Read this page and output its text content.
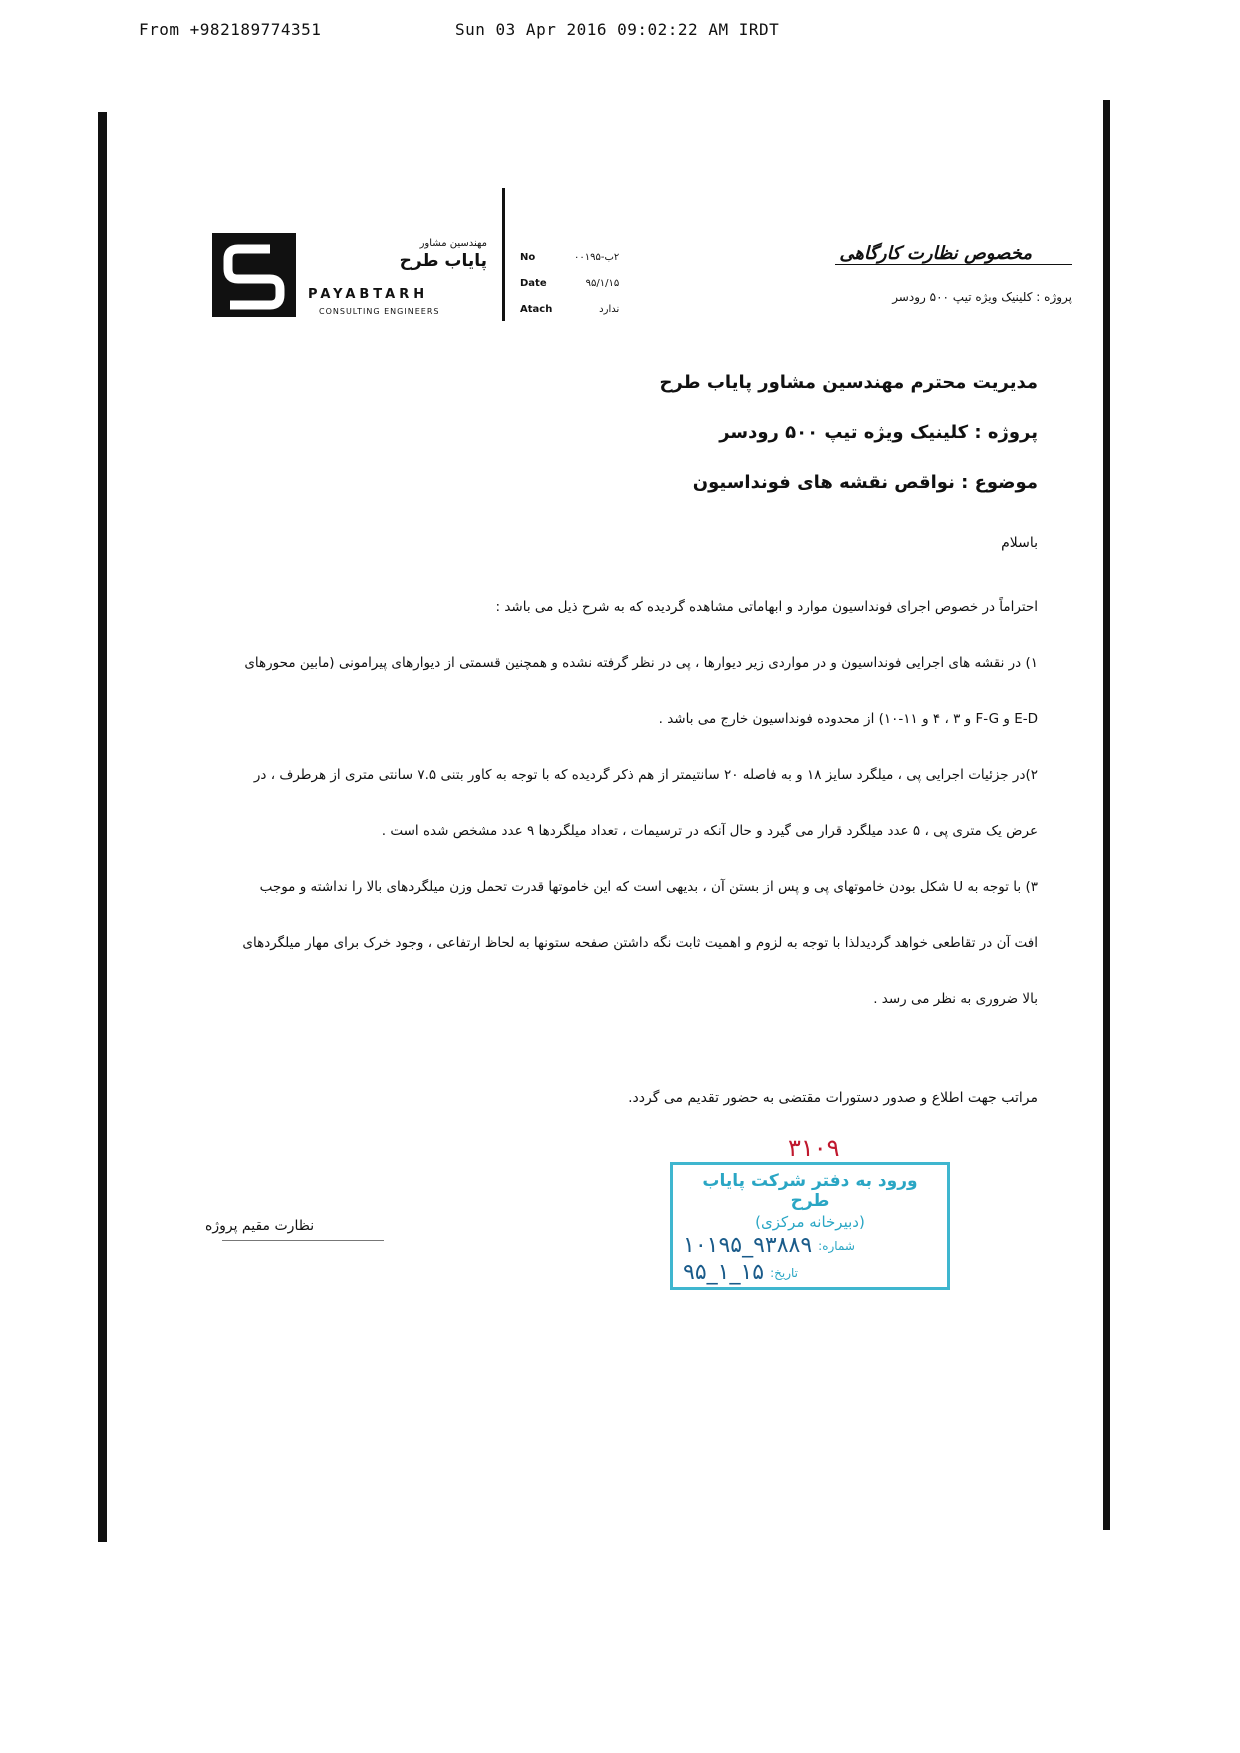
From +982189774351	Sun 03 Apr 2016 09:02:22 AM IRDT
مهندسین مشاور
پایاب طرح
PAYABTARH
CONSULTING ENGINEERS
No
Date
Atach
۲ب-۰۰۱۹۵
۹۵/۱/۱۵
ندارد
مخصوص نظارت کارگاهی
پروژه : کلینیک ویژه تیپ ۵۰۰ رودسر
مدیریت محترم مهندسین مشاور پایاب طرح
پروژه : کلینیک ویژه تیپ ۵۰۰ رودسر
موضوع : نواقص نقشه های فونداسیون
باسلام

احتراماً در خصوص اجرای فونداسیون موارد و ابهاماتی مشاهده گردیده که به شرح ذیل می باشد :

۱) در نقشه های اجرایی فونداسیون و در مواردی زیر دیوارها ، پی در نظر گرفته نشده و همچنین قسمتی از دیوارهای پیرامونی (مابین محورهای

E-D و F-G و ۳ ، ۴ و ۱۱-۱۰) از محدوده فونداسیون خارج می باشد .

۲)در جزئیات اجرایی پی ، میلگرد سایز ۱۸ و به فاصله ۲۰ سانتیمتر از هم ذکر گردیده که با توجه به کاور بتنی ۷.۵ سانتی متری از هرطرف ، در

عرض یک متری پی ، ۵ عدد میلگرد قرار می گیرد و حال آنکه در ترسیمات ، تعداد میلگردها ۹ عدد مشخص شده است .

۳) با توجه به U شکل بودن خاموتهای پی و پس از بستن آن ، بدیهی است که این خاموتها قدرت تحمل وزن میلگردهای بالا را نداشته و موجب

افت آن در تقاطعی خواهد گردیدلذا با توجه به لزوم و اهمیت ثابت نگه داشتن صفحه ستونها به لحاظ ارتفاعی ، وجود خرک برای مهار میلگردهای

بالا ضروری به نظر می رسد .

مراتب جهت اطلاع و صدور دستورات مقتضی به حضور تقدیم می گردد.
نظارت مقیم پروژه
۳۱۰۹
ورود به دفتر شرکت پایاب طرح
(دبیرخانه مرکزی)
شماره:
۱۰۱۹۵_۹۳۸۸۹
تاریخ:
۹۵_۱_۱۵
